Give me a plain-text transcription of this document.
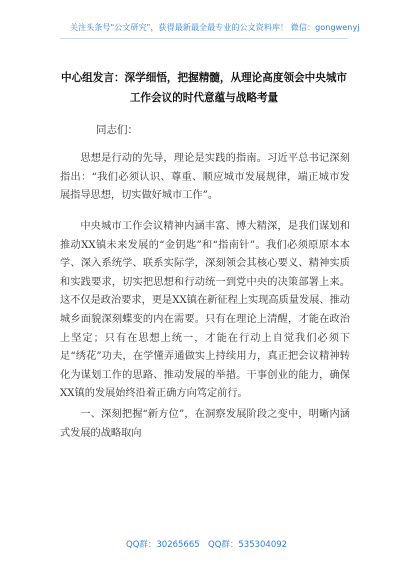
关注头条号"公文研究"，获得最新最全最专业的公文资料库！ 微信：gongwenyj
中心组发言：深学细悟，把握精髓，从理论高度领会中央城市工作会议的时代意蕴与战略考量
同志们：

思想是行动的先导，理论是实践的指南。习近平总书记深刻指出：“我们必须认识、尊重、顺应城市发展规律，端正城市发展指导思想，切实做好城市工作”。

中央城市工作会议精神内涵丰富、博大精深，是我们谋划和推动XX镇未来发展的“金钥匙”和“指南针”。我们必须原原本本学、深入系统学、联系实际学，深刻领会其核心要义、精神实质和实践要求，切实把思想和行动统一到党中央的决策部署上来。这不仅是政治要求，更是XX镇在新征程上实现高质量发展、推动城乡面貌深刻蝶变的内在需要。只有在理论上清醒，才能在政治上坚定；只有在思想上统一，才能在行动上自觉我们必须下足“绣花”功夫，在学懂弄通做实上持续用力，真正把会议精神转化为谋划工作的思路、推动发展的举措。干事创业的能力，确保XX镇的发展始终沿着正确方向笃定前行。

一、深刻把握“新方位”，在洞察发展阶段之变中，明晰内涵式发展的战略取向

QQ群：30265665 QQ群：535304092
